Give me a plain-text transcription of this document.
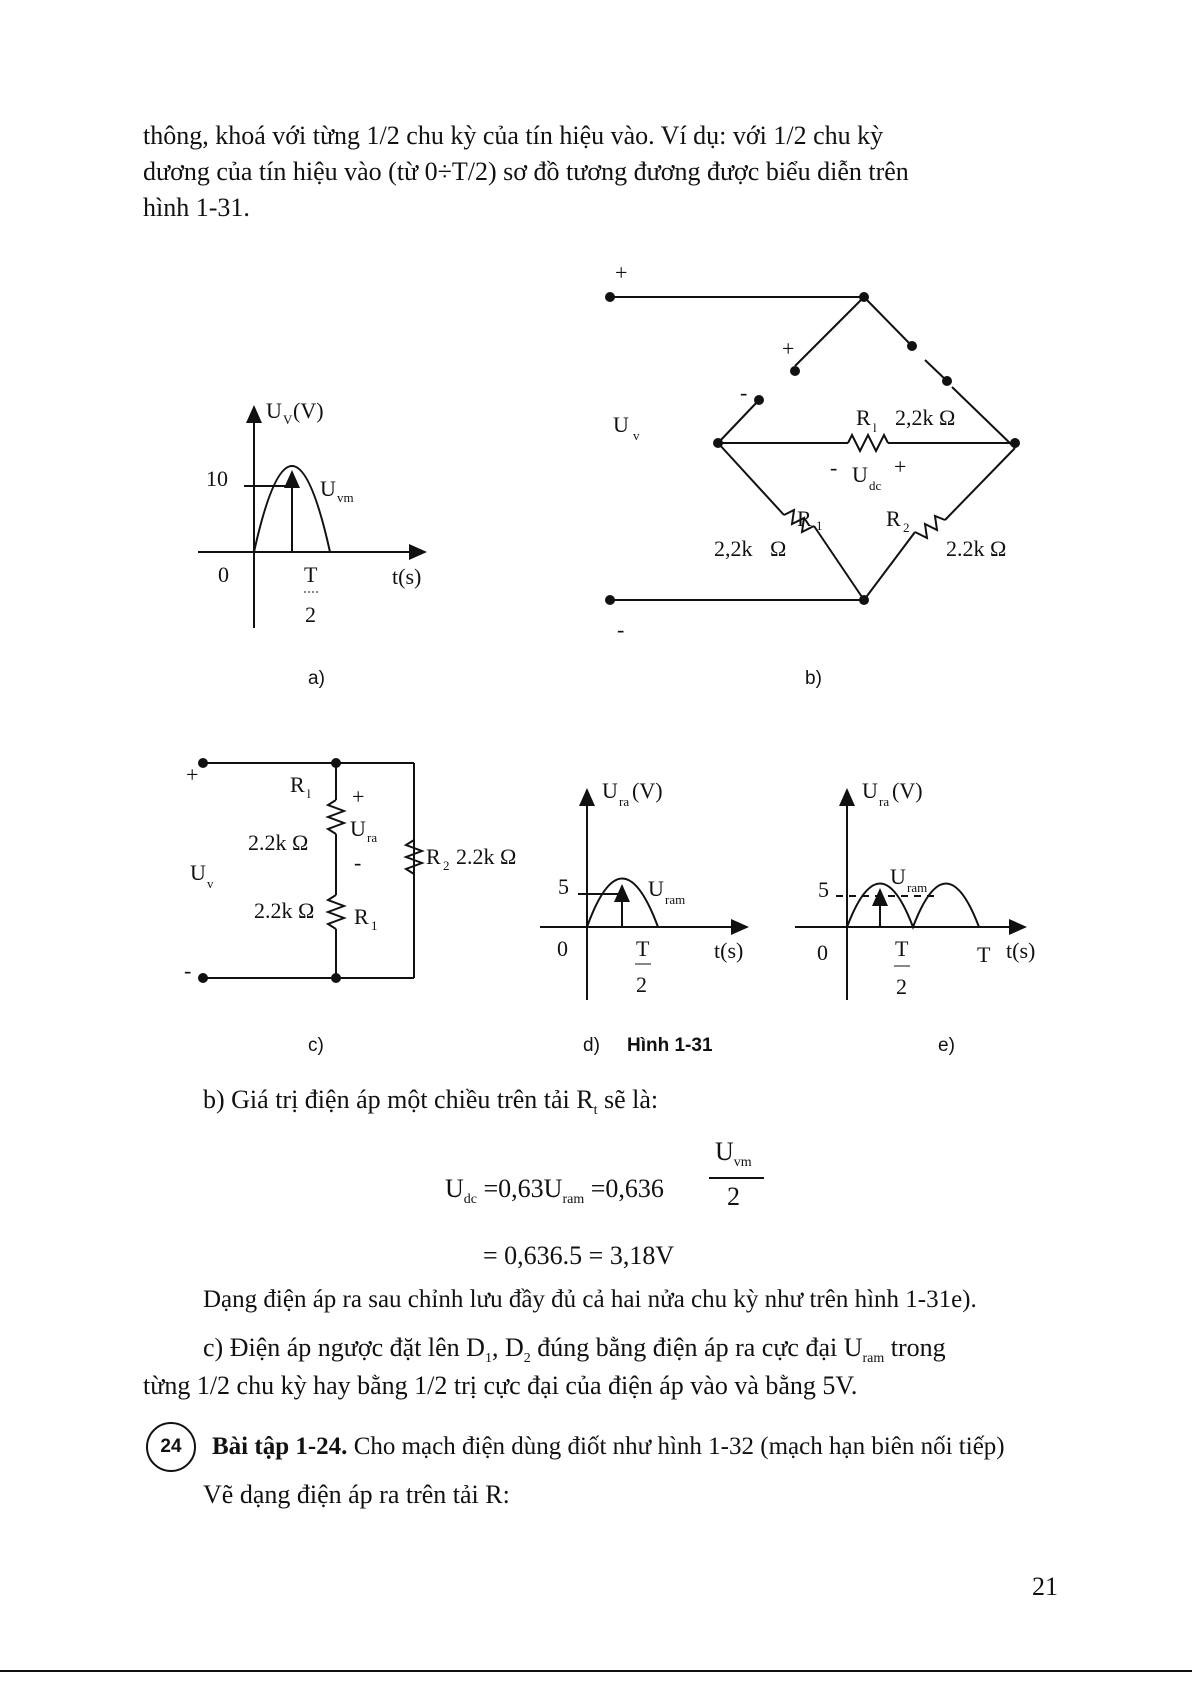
thông, khoá với từng 1/2 chu kỳ của tín hiệu vào. Ví dụ: với 1/2 chu kỳ
dương của tín hiệu vào (từ 0÷T/2) sơ đồ tương đương được biểu diễn trên
hình 1-31.
U V (V)
10	U vm
0	T
2
t(s)
+
+
-
-
U v
R l 2,2k Ω
- U dc
+
R 1
2,2k Ω
R 2
2.2k Ω
+
-
U v
R l
2.2k Ω
+
U ra
-
2.2k Ω R 1
R 2 2.2k Ω
U ra (V)
5	U ram
0	T
2
t(s)
U ra (V)
5
U ram
0	T
2
T t(s)
a)	b)
c)	d) Hình 1-31	e)
b) Giá trị điện áp một chiều trên tải $R_t$ sẽ là:
$U_{dc} =0,63U_{ram} =0,636$
$U_{vm}$
2
= 0,636.5 = 3,18V
Dạng điện áp ra sau chỉnh lưu đầy đủ cả hai nửa chu kỳ như trên hình 1-31e).
c) Điện áp ngược đặt lên $D_1$, $D_2$ đúng bằng điện áp ra cực đại $U_{ram}$ trong
từng 1/2 chu kỳ hay bằng 1/2 trị cực đại của điện áp vào và bằng 5V.
24	Bài tập 1-24. Cho mạch điện dùng điốt như hình 1-32 (mạch hạn biên nối tiếp)
Vẽ dạng điện áp ra trên tải R:
21
